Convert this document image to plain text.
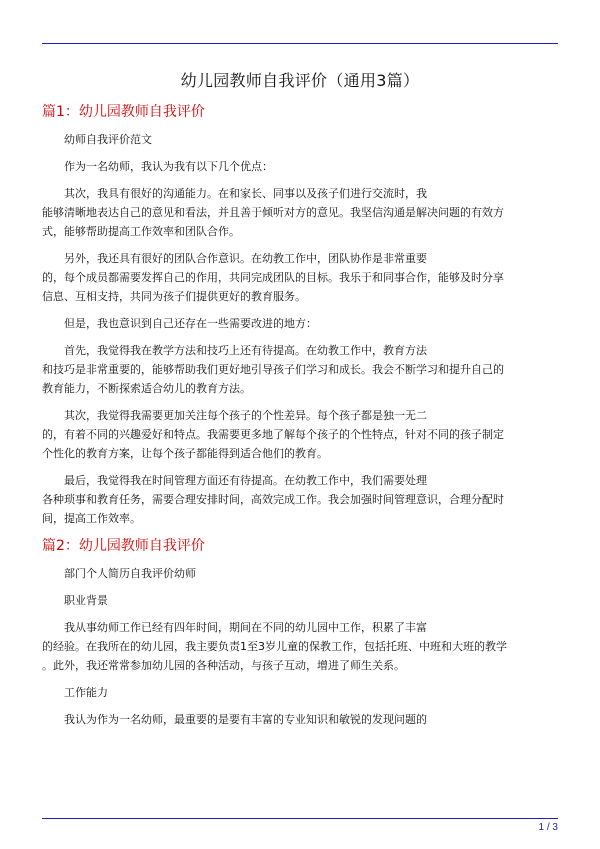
幼儿园教师自我评价（通用3篇）
篇1：幼儿园教师自我评价

幼师自我评价范文

作为一名幼师，我认为我有以下几个优点：

其次，我具有很好的沟通能力。在和家长、同事以及孩子们进行交流时，我
能够清晰地表达自己的意见和看法，并且善于倾听对方的意见。我坚信沟通是解决问题的有效方
式，能够帮助提高工作效率和团队合作。

另外，我还具有很好的团队合作意识。在幼教工作中，团队协作是非常重要
的，每个成员都需要发挥自己的作用，共同完成团队的目标。我乐于和同事合作，能够及时分享
信息、互相支持，共同为孩子们提供更好的教育服务。

但是，我也意识到自己还存在一些需要改进的地方：

首先，我觉得我在教学方法和技巧上还有待提高。在幼教工作中，教育方法
和技巧是非常重要的，能够帮助我们更好地引导孩子们学习和成长。我会不断学习和提升自己的
教育能力，不断探索适合幼儿的教育方法。

其次，我觉得我需要更加关注每个孩子的个性差异。每个孩子都是独一无二
的，有着不同的兴趣爱好和特点。我需要更多地了解每个孩子的个性特点，针对不同的孩子制定
个性化的教育方案，让每个孩子都能得到适合他们的教育。

最后，我觉得我在时间管理方面还有待提高。在幼教工作中，我们需要处理
各种琐事和教育任务，需要合理安排时间，高效完成工作。我会加强时间管理意识，合理分配时
间，提高工作效率。

篇2：幼儿园教师自我评价

部门个人简历自我评价幼师

职业背景

我从事幼师工作已经有四年时间，期间在不同的幼儿园中工作，积累了丰富
的经验。在我所在的幼儿园，我主要负责1至3岁儿童的保教工作，包括托班、中班和大班的教学
。此外，我还常常参加幼儿园的各种活动，与孩子互动，增进了师生关系。

工作能力

我认为作为一名幼师，最重要的是要有丰富的专业知识和敏锐的发现问题的

1 / 3
